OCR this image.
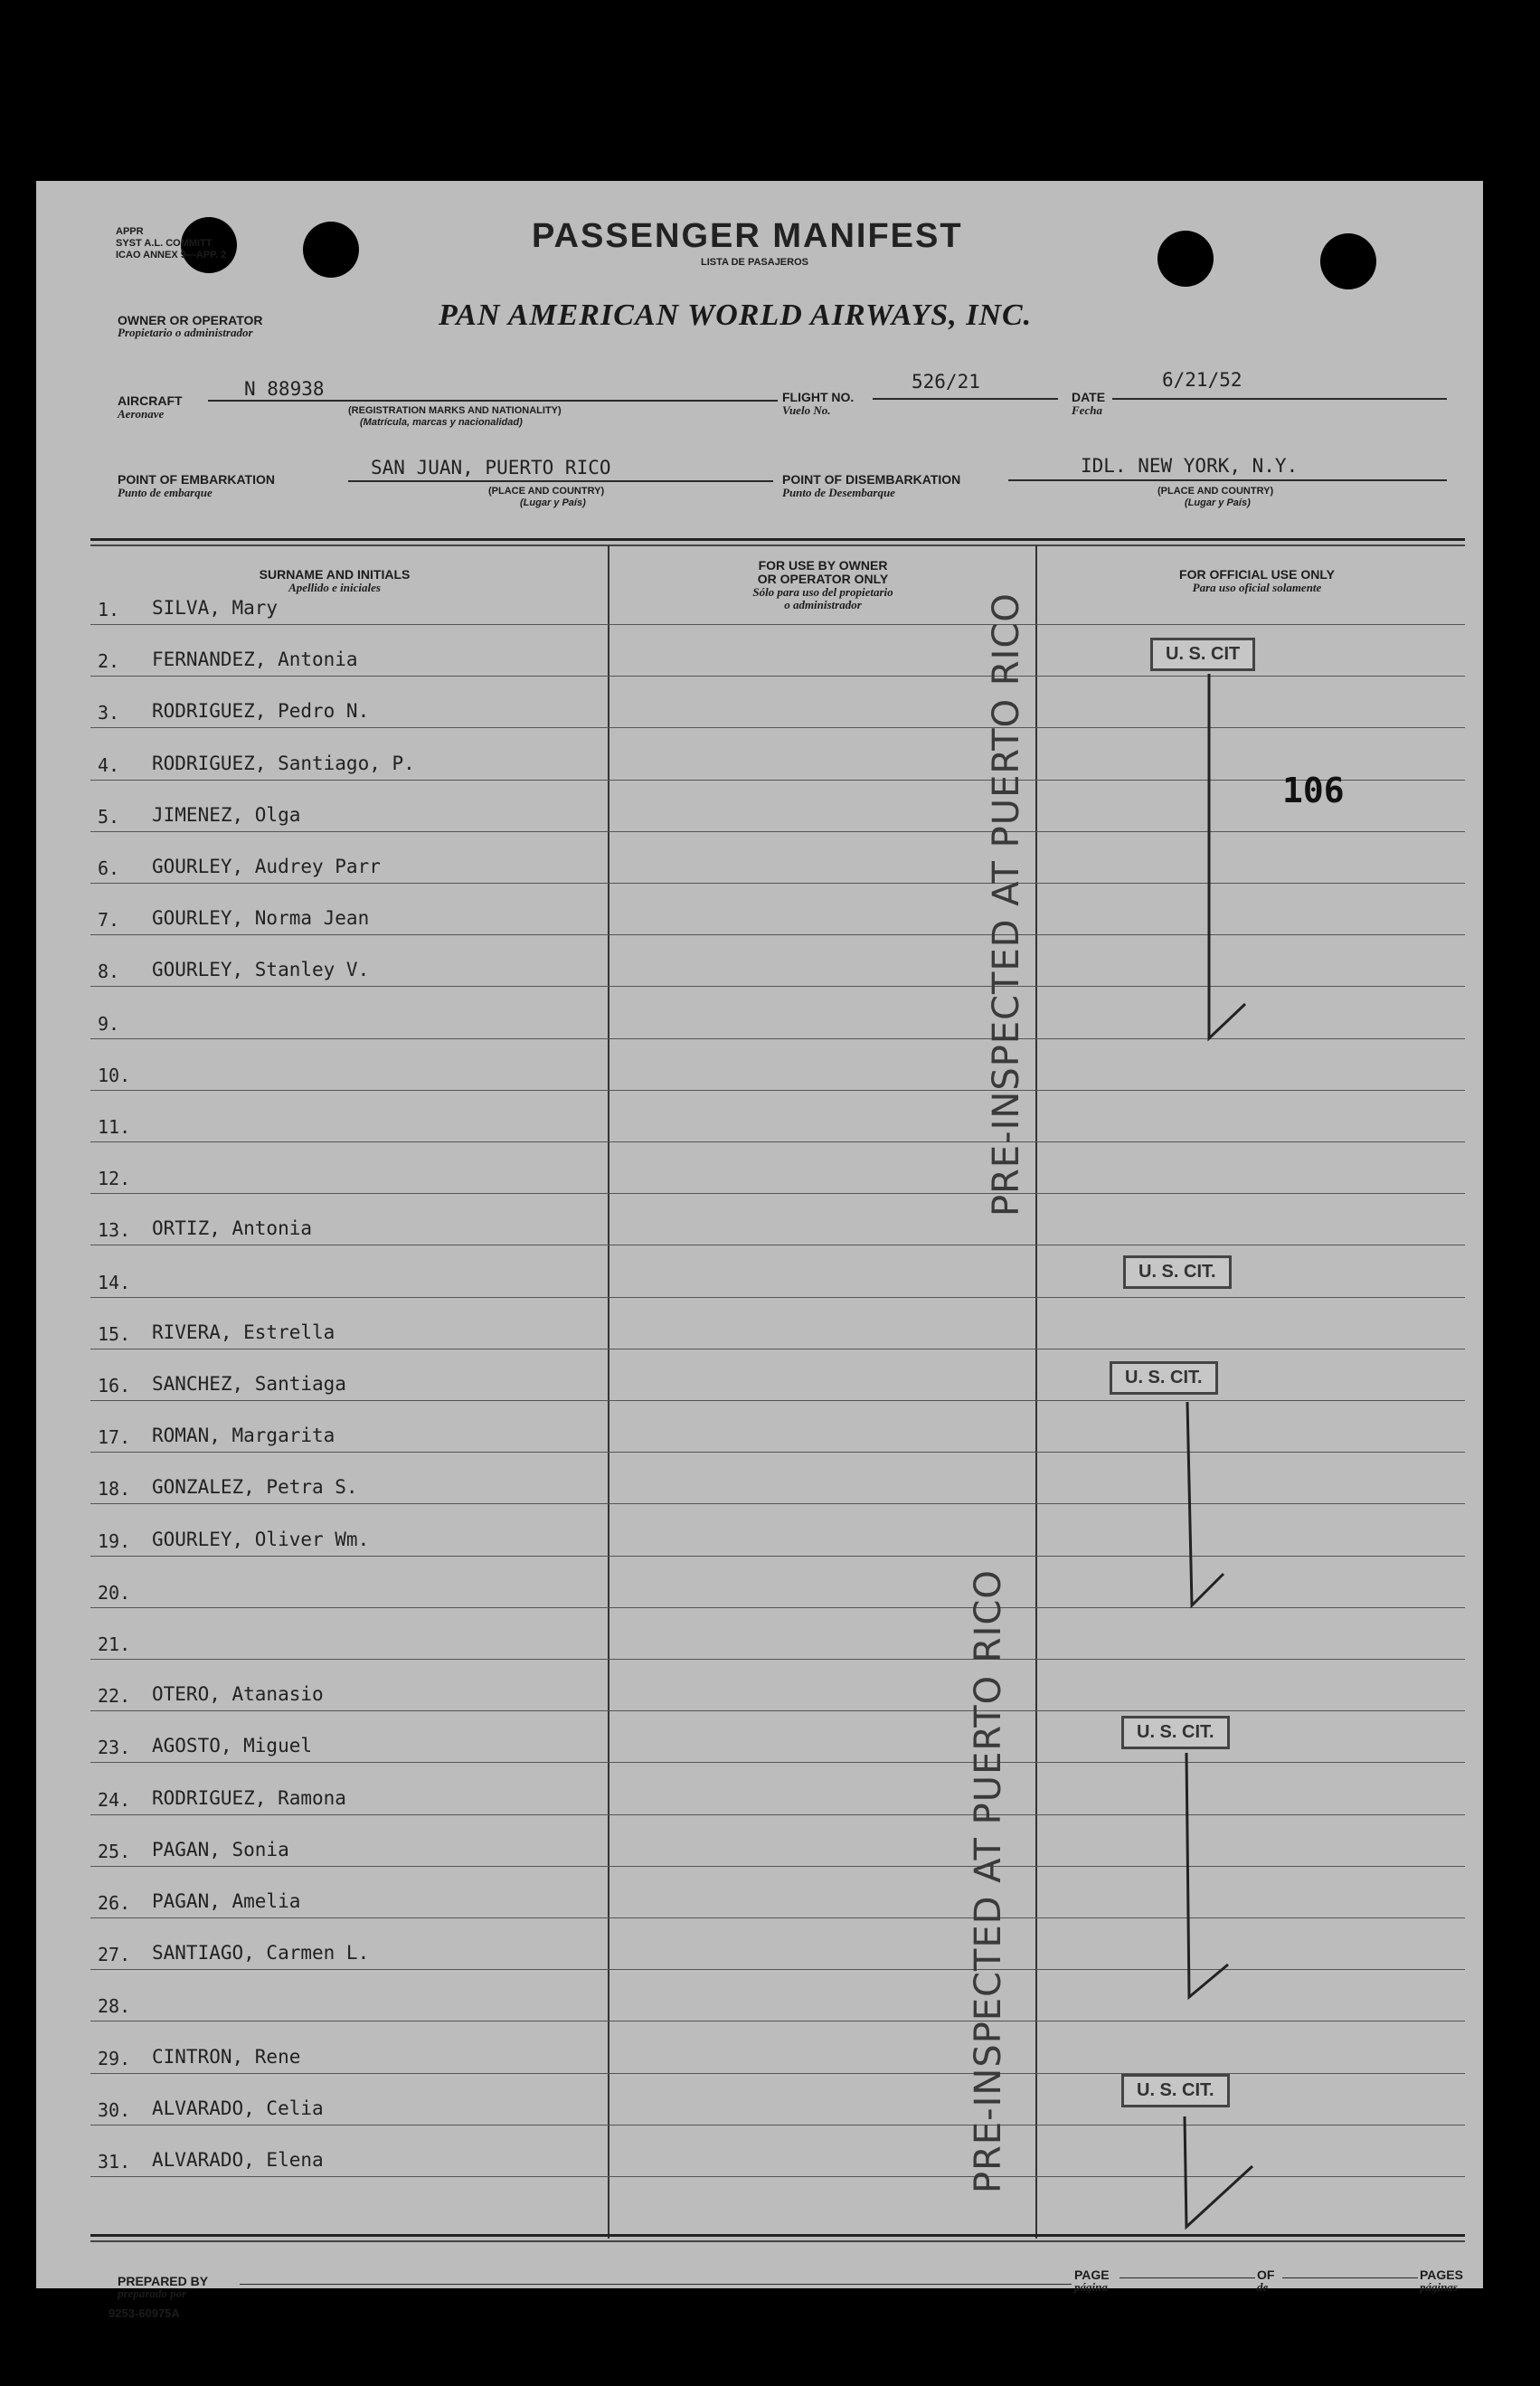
APPR
SYST A.L. COMMITT
ICAO ANNEX 9—APP. 2	PASSENGER MANIFEST
LISTA DE PASAJEROS
OWNER OR OPERATOR
Propietario o administrador
PAN AMERICAN WORLD AIRWAYS, INC.
AIRCRAFT
Aeronave
N 88938
(REGISTRATION MARKS AND NATIONALITY)
(Matrícula, marcas y nacionalidad)
FLIGHT NO.
Vuelo No.
526/21
DATE
Fecha
6/21/52
POINT OF EMBARKATION
Punto de embarque
SAN JUAN, PUERTO RICO
(PLACE AND COUNTRY)
(Lugar y País)
POINT OF DISEMBARKATION
Punto de Desembarque
IDL. NEW YORK, N.Y.
(PLACE AND COUNTRY)
(Lugar y País)
SURNAME AND INITIALS
Apellido e iniciales
FOR USE BY OWNER
OR OPERATOR ONLY
Sólo para uso del propietario
o administrador
FOR OFFICIAL USE ONLY
Para uso oficial solamente
1.	SILVA, Mary
2.	FERNANDEZ, Antonia
3.	RODRIGUEZ, Pedro N.
4.	RODRIGUEZ, Santiago, P.
5.	JIMENEZ, Olga
6.	GOURLEY, Audrey Parr
7.	GOURLEY, Norma Jean
8.	GOURLEY, Stanley V.
9.
10.
11.
12.
13.	ORTIZ, Antonia
14.
15.	RIVERA, Estrella
16.	SANCHEZ, Santiaga
17.	ROMAN, Margarita
18.	GONZALEZ, Petra S.
19.	GOURLEY, Oliver Wm.
20.
21.
22.	OTERO, Atanasio
23.	AGOSTO, Miguel
24.	RODRIGUEZ, Ramona
25.	PAGAN, Sonia
26.	PAGAN, Amelia
27.	SANTIAGO, Carmen L.
28.
29.	CINTRON, Rene
30.	ALVARADO, Celia
31.	ALVARADO, Elena
PRE-INSPECTED AT PUERTO RICO
PRE-INSPECTED AT PUERTO RICO
U. S. CIT
U. S. CIT.
U. S. CIT.
U. S. CIT.
U. S. CIT.
106
PREPARED BY
preparado por
PAGE
página
OF
de
PAGES
páginas
9253-60975A
